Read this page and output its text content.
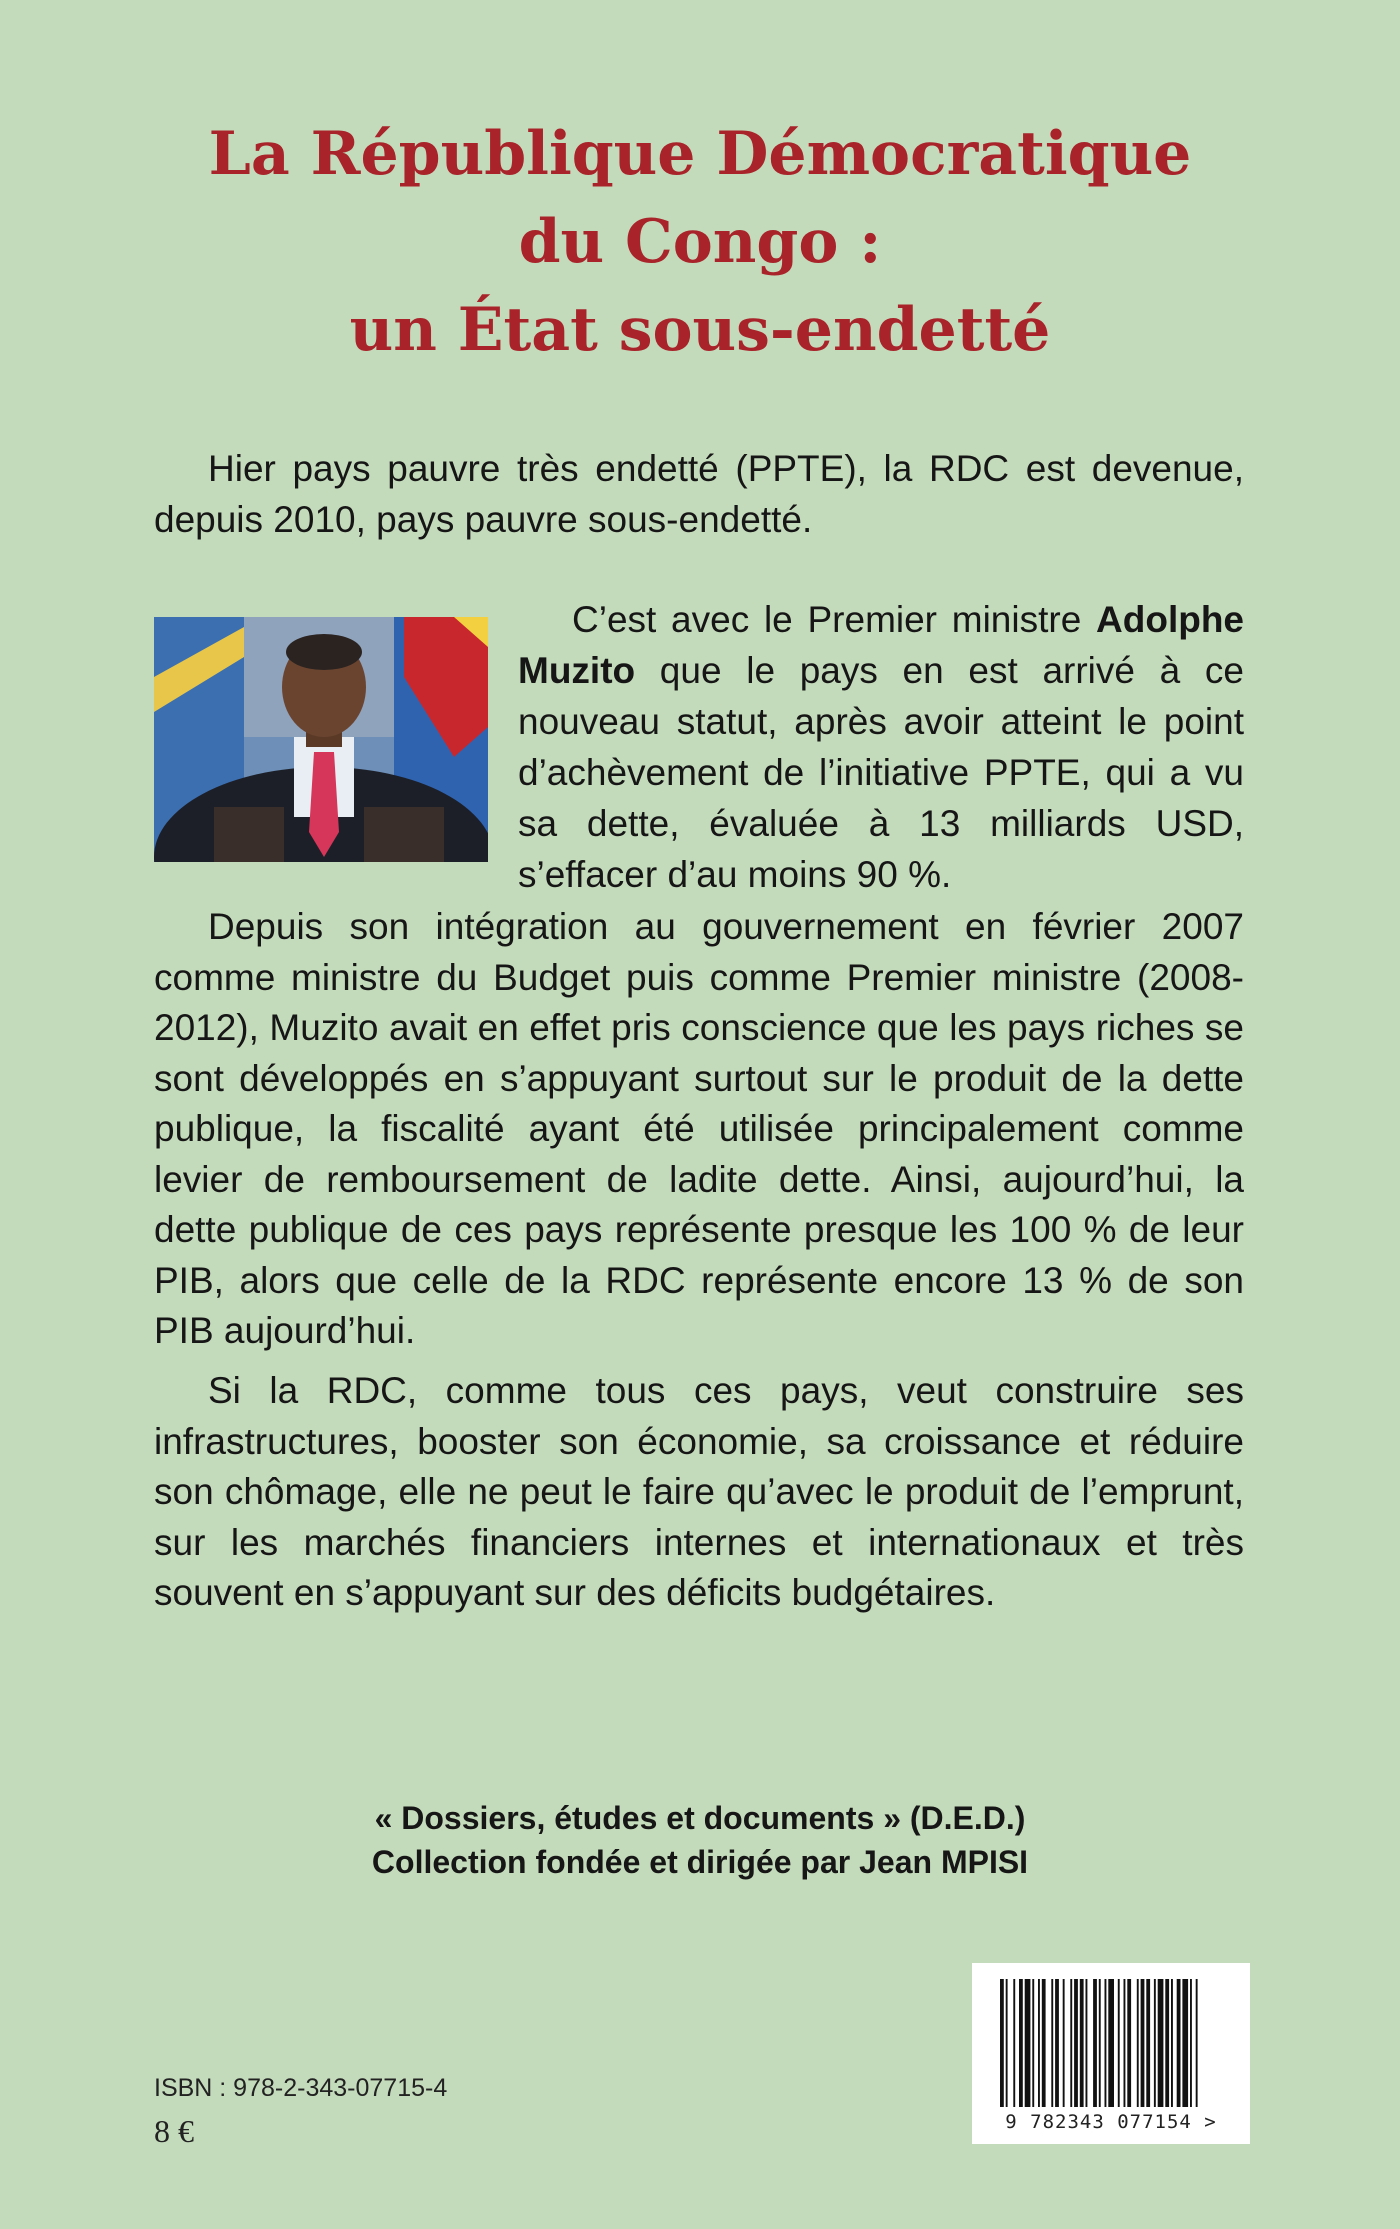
La République Démocratique
du Congo :
un État sous-endetté

Hier pays pauvre très endetté (PPTE), la RDC est devenue, depuis 2010, pays pauvre sous-endetté.

C’est avec le Premier ministre Adolphe Muzito que le pays en est arrivé à ce nouveau statut, après avoir atteint le point d’achèvement de l’initiative PPTE, qui a vu sa dette, évaluée à 13 milliards USD, s’effacer d’au moins 90 %.

Depuis son intégration au gouvernement en février 2007 comme ministre du Budget puis comme Premier ministre (2008-2012), Muzito avait en effet pris conscience que les pays riches se sont développés en s’appuyant surtout sur le produit de la dette publique, la fiscalité ayant été utilisée principalement comme levier de remboursement de ladite dette. Ainsi, aujourd’hui, la dette publique de ces pays représente presque les 100 % de leur PIB, alors que celle de la RDC représente encore 13 % de son PIB aujourd’hui.

Si la RDC, comme tous ces pays, veut construire ses infrastructures, booster son économie, sa croissance et réduire son chômage, elle ne peut le faire qu’avec le produit de l’emprunt, sur les marchés financiers internes et internationaux et très souvent en s’appuyant sur des déficits budgétaires.

« Dossiers, études et documents » (D.E.D.)
Collection fondée et dirigée par Jean MPISI
9 782343 077154 >
ISBN : 978-2-343-07715-4
8 €
